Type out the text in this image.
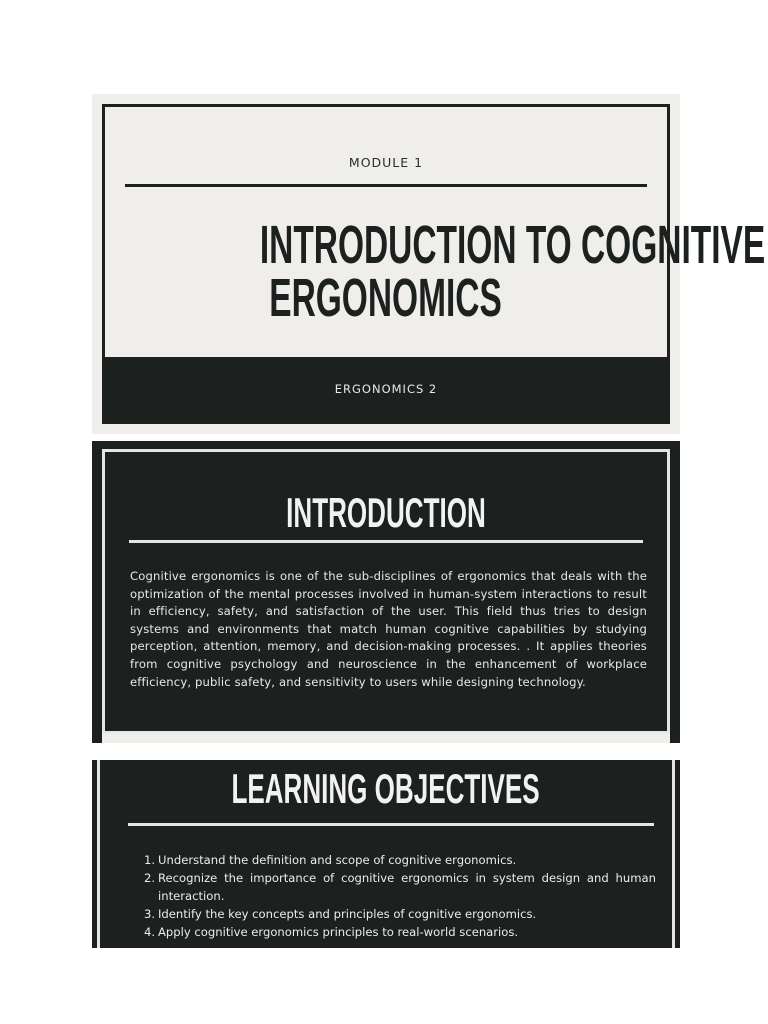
MODULE 1
INTRODUCTION TO COGNITIVE
ERGONOMICS
ERGONOMICS 2
INTRODUCTION

Cognitive ergonomics is one of the sub-disciplines of ergonomics that deals with the optimization of the mental processes involved in human-system interactions to result in efficiency, safety, and satisfaction of the user. This field thus tries to design systems and environments that match human cognitive capabilities by studying perception, attention, memory, and decision-making processes. . It applies theories from cognitive psychology and neuroscience in the enhancement of workplace efficiency, public safety, and sensitivity to users while designing technology.

LEARNING OBJECTIVES
1. Understand the definition and scope of cognitive ergonomics.
2. Recognize the importance of cognitive ergonomics in system design and human interaction.
3. Identify the key concepts and principles of cognitive ergonomics.
4. Apply cognitive ergonomics principles to real-world scenarios.
